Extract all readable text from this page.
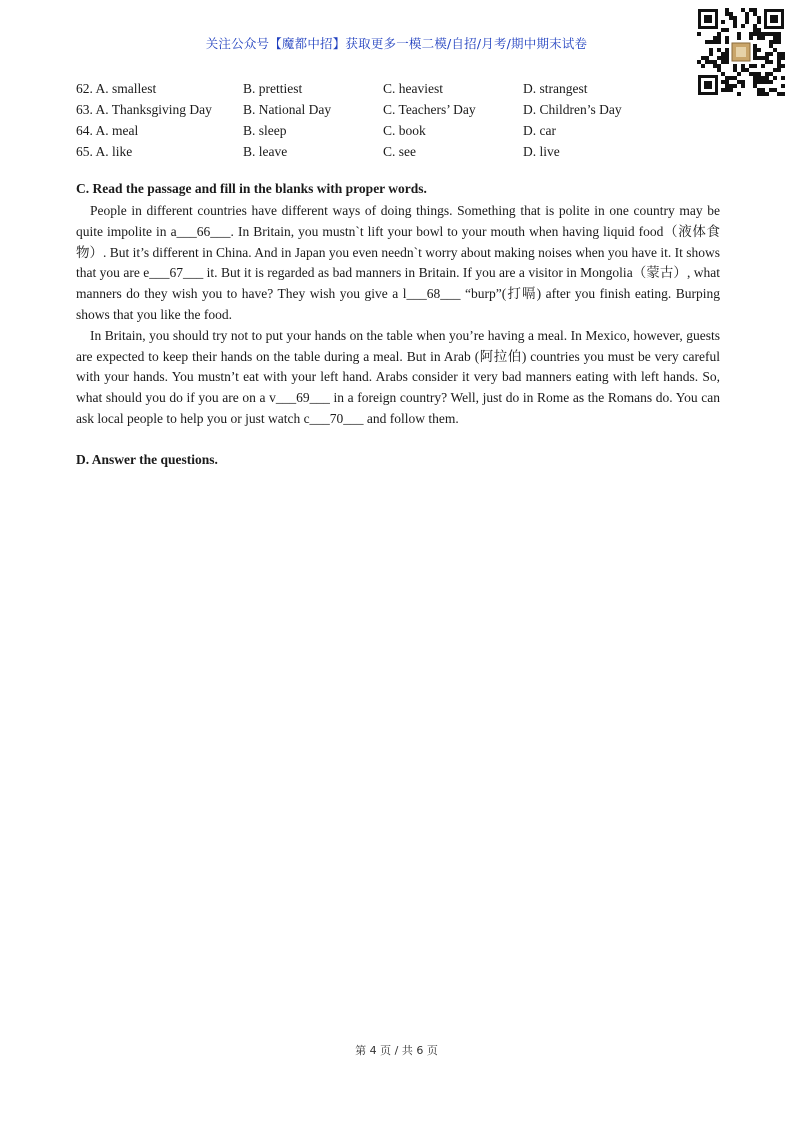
关注公众号【魔都中招】获取更多一模二模/自招/月考/期中期末试卷
62. A. smallest	B. prettiest	C. heaviest	D. strangest
63. A. Thanksgiving Day	B. National Day	C. Teachers’ Day	D. Children’s Day
64. A. meal	B. sleep	C. book	D. car
65. A. like	B. leave	C. see	D. live
C. Read the passage and fill in the blanks with proper words.

People in different countries have different ways of doing things. Something that is polite in one country may be quite impolite in a___66___. In Britain, you mustn`t lift your bowl to your mouth when having liquid food（液体食物）. But it’s different in China. And in Japan you even needn`t worry about making noises when you have it. It shows that you are e___67___ it. But it is regarded as bad manners in Britain. If you are a visitor in Mongolia（蒙古）, what manners do they wish you to have? They wish you give a l___68___ “burp”(打嗝) after you finish eating. Burping shows that you like the food.

In Britain, you should try not to put your hands on the table when you’re having a meal. In Mexico, however, guests are expected to keep their hands on the table during a meal. But in Arab (阿拉伯) countries you must be very careful with your hands. You mustn’t eat with your left hand. Arabs consider it very bad manners eating with left hands. So, what should you do if you are on a v___69___ in a foreign country? Well, just do in Rome as the Romans do. You can ask local people to help you or just watch c___70___ and follow them.

D. Answer the questions.
第 4 页 / 共 6 页
